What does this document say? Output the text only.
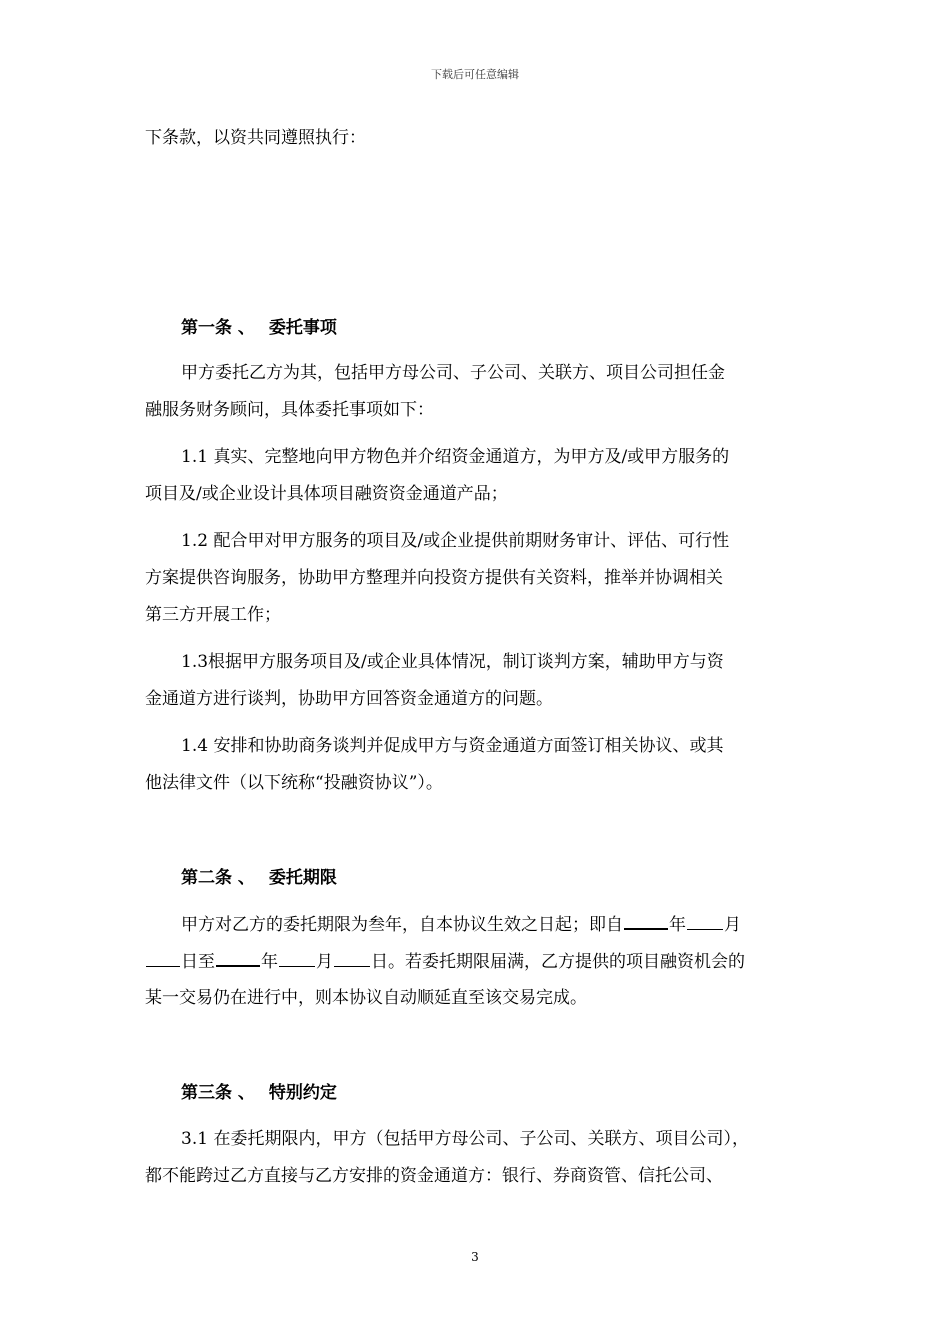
下载后可任意编辑
下条款，以资共同遵照执行：
第一条 、 委托事项
甲方委托乙方为其，包括甲方母公司、子公司、关联方、项目公司担任金
融服务财务顾问，具体委托事项如下：
1.1 真实、完整地向甲方物色并介绍资金通道方，为甲方及/或甲方服务的
项目及/或企业设计具体项目融资资金通道产品；
1.2 配合甲对甲方服务的项目及/或企业提供前期财务审计、评估、可行性
方案提供咨询服务，协助甲方整理并向投资方提供有关资料，推举并协调相关
第三方开展工作；
1.3根据甲方服务项目及/或企业具体情况，制订谈判方案，辅助甲方与资
金通道方进行谈判，协助甲方回答资金通道方的问题。
1.4 安排和协助商务谈判并促成甲方与资金通道方面签订相关协议、或其
他法律文件（以下统称“投融资协议”）。
第二条 、 委托期限
甲方对乙方的委托期限为叁年，自本协议生效之日起；即自	年 月
日至	年 月 日。若委托期限届满，乙方提供的项目融资机会的
某一交易仍在进行中，则本协议自动顺延直至该交易完成。
第三条 、 特别约定
3.1 在委托期限内，甲方（包括甲方母公司、子公司、关联方、项目公司），
都不能跨过乙方直接与乙方安排的资金通道方：银行、券商资管、信托公司、
3
